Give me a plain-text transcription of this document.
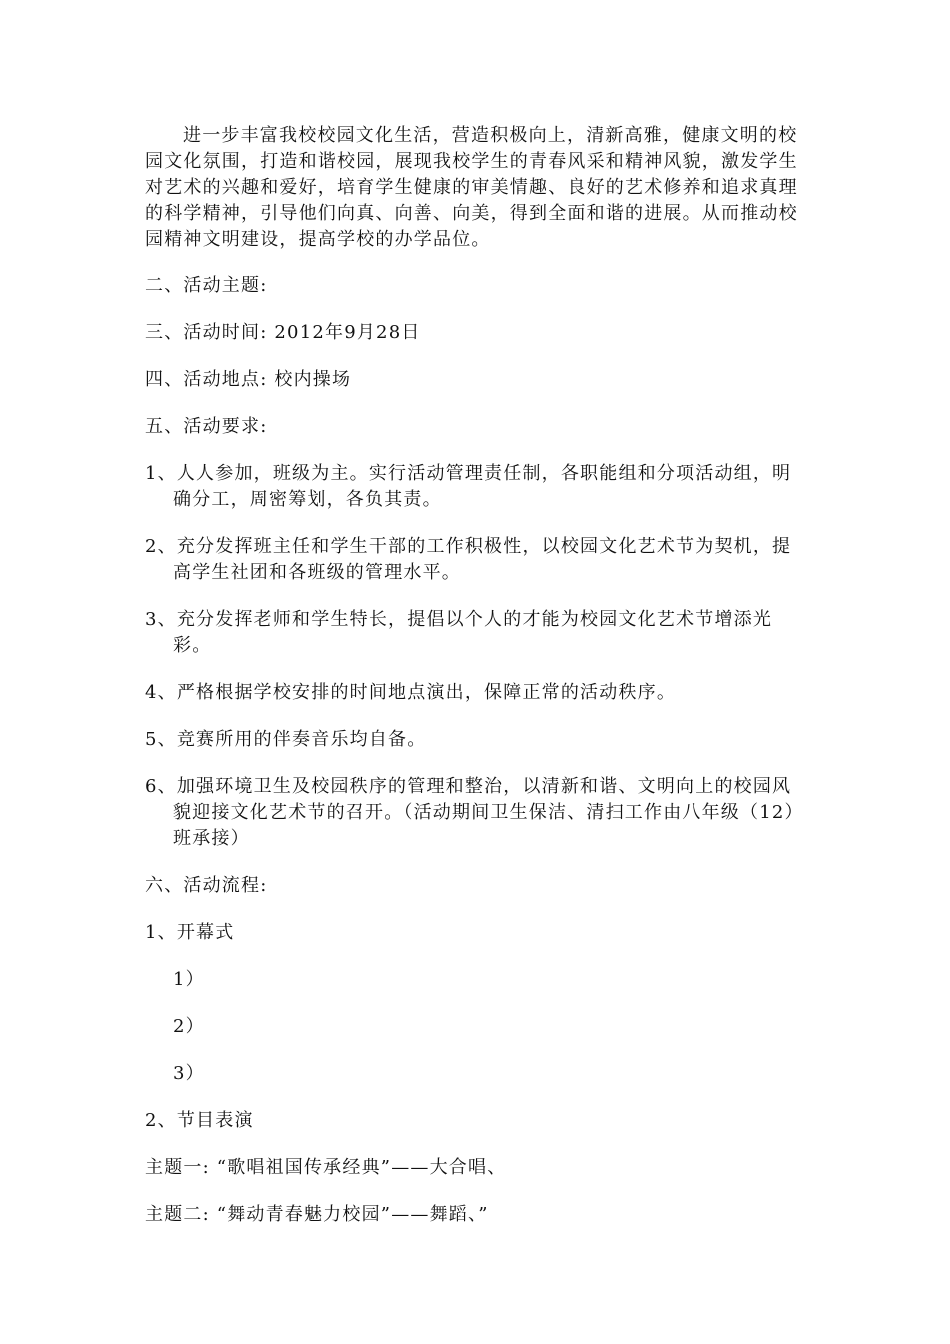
进一步丰富我校校园文化生活，营造积极向上，清新高雅，健康文明的校园文化氛围，打造和谐校园，展现我校学生的青春风采和精神风貌，激发学生对艺术的兴趣和爱好，培育学生健康的审美情趣、良好的艺术修养和追求真理的科学精神，引导他们向真、向善、向美，得到全面和谐的进展。从而推动校园精神文明建设，提高学校的办学品位。

二、活动主题:

三、活动时间: 2012年9月28日

四、活动地点: 校内操场

五、活动要求:

1、人人参加，班级为主。实行活动管理责任制，各职能组和分项活动组，明确分工，周密筹划，各负其责。

2、充分发挥班主任和学生干部的工作积极性，以校园文化艺术节为契机，提高学生社团和各班级的管理水平。

3、充分发挥老师和学生特长，提倡以个人的才能为校园文化艺术节增添光彩。

4、严格根据学校安排的时间地点演出，保障正常的活动秩序。

5、竞赛所用的伴奏音乐均自备。

6、加强环境卫生及校园秩序的管理和整治，以清新和谐、文明向上的校园风貌迎接文化艺术节的召开。（活动期间卫生保洁、清扫工作由八年级（12）班承接）

六、活动流程:

1、开幕式

1）

2）

3）

2、节目表演

主题一: “歌唱祖国传承经典”——大合唱、

主题二: “舞动青春魅力校园”——舞蹈、”
